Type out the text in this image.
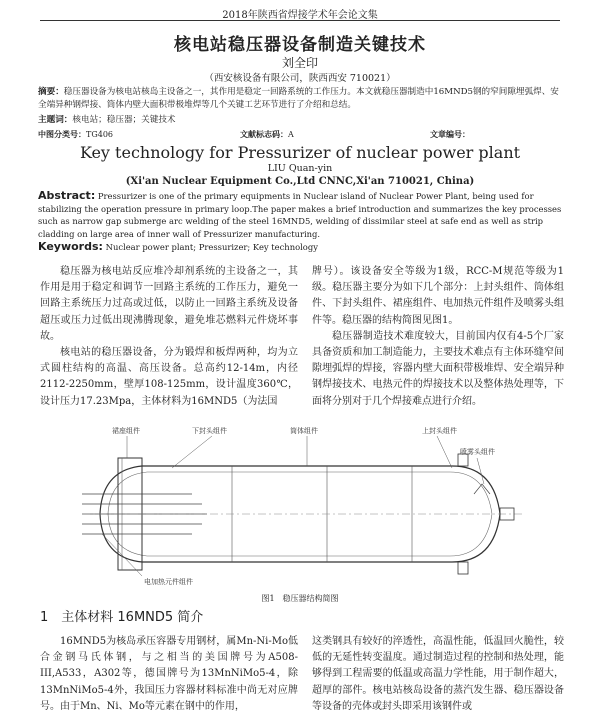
2018年陕西省焊接学术年会论文集
核电站稳压器设备制造关键技术
刘全印
（西安核设备有限公司，陕西西安 710021）
摘要：稳压器设备为核电站核岛主设备之一，其作用是稳定一回路系统的工作压力。本文就稳压器制造中16MND5钢的窄间隙埋弧焊、安全端异种钢焊接、筒体内壁大面积带极堆焊等几个关键工艺环节进行了介绍和总结。
主题词：核电站；稳压器；关键技术
中图分类号：TG406	文献标志码：A	文章编号：
Key technology for Pressurizer of nuclear power plant
LIU Quan-yin
(Xi'an Nuclear Equipment Co.,Ltd CNNC,Xi'an 710021, China)
Abstract: Pressurizer is one of the primary equipments in Nuclear island of Nuclear Power Plant, being used for stabilizing the operation pressure in primary loop.The paper makes a brief introduction and summarizes the key processes such as narrow gap submerge arc welding of the steel 16MND5, welding of dissimilar steel at safe end as well as strip cladding on large area of inner wall of Pressurizer manufacturing.
Keywords: Nuclear power plant; Pressurizer; Key technology

稳压器为核电站反应堆冷却剂系统的主设备之一，其作用是用于稳定和调节一回路主系统的工作压力，避免一回路主系统压力过高或过低，以防止一回路主系统及设备超压或压力过低出现沸腾现象，避免堆芯燃料元件烧坏事故。

核电站的稳压器设备，分为锻焊和板焊两种，均为立式圆柱结构的高温、高压设备。总高约12-14m，内径2112-2250mm，壁厚108-125mm，设计温度360℃，设计压力17.23Mpa，主体材料为16MND5（为法国

牌号）。该设备安全等级为1级，RCC-M规范等级为1级。稳压器主要分为如下几个部分：上封头组件、筒体组件、下封头组件、裙座组件、电加热元件组件及喷雾头组件等。稳压器的结构简图见图1。

稳压器制造技术难度较大，目前国内仅有4-5个厂家具备资质和加工制造能力，主要技术难点有主体环缝窄间隙埋弧焊的焊接，容器内壁大面积带极堆焊、安全端异种钢焊接技术、电热元件的焊接技术以及整体热处理等，下面将分别对于几个焊接难点进行介绍。

裙座组件	下封头组件	筒体组件	上封头组件
喷雾头组件
电加热元件组件
图1　稳压器结构简图
1　主体材料 16MND5 简介

16MND5为核岛承压容器专用钢材，属Mn-Ni-Mo低合金钢马氏体钢，与之相当的美国牌号为A508-III,A533，A302等，德国牌号为13MnNiMo5-4，除13MnNiMo5-4外，我国压力容器材料标准中尚无对应牌号。由于Mn、Ni、Mo等元素在钢中的作用，

这类钢具有较好的淬透性，高温性能，低温回火脆性，较低的无延性转变温度。通过制造过程的控制和热处理，能够得到工程需要的低温或高温力学性能，用于制作超大，超厚的部件。核电站核岛设备的蒸汽发生器、稳压器设备等设备的壳体或封头即采用该钢件或
